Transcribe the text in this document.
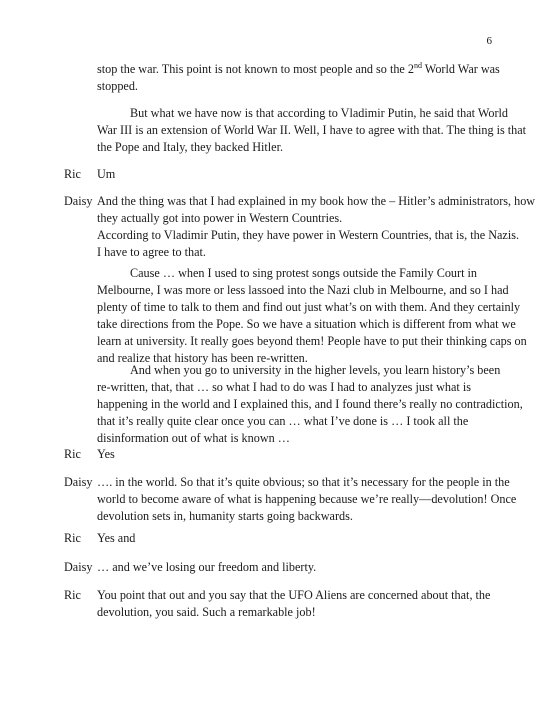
6

stop the war. This point is not known to most people and so the 2nd World War was
stopped.

But what we have now is that according to Vladimir Putin, he said that World
War III is an extension of World War II. Well, I have to agree with that. The thing is that
the Pope and Italy, they backed Hitler.

Ric Um

Daisy And the thing was that I had explained in my book how the – Hitler’s administrators, how
they actually got into power in Western Countries.
According to Vladimir Putin, they have power in Western Countries, that is, the Nazis.
I have to agree to that.

Cause … when I used to sing protest songs outside the Family Court in
Melbourne, I was more or less lassoed into the Nazi club in Melbourne, and so I had
plenty of time to talk to them and find out just what’s on with them. And they certainly
take directions from the Pope. So we have a situation which is different from what we
learn at university. It really goes beyond them! People have to put their thinking caps on
and realize that history has been re-written.

And when you go to university in the higher levels, you learn history’s been
re-written, that, that … so what I had to do was I had to analyzes just what is
happening in the world and I explained this, and I found there’s really no contradiction,
that it’s really quite clear once you can … what I’ve done is … I took all the
disinformation out of what is known …

Ric Yes

Daisy …. in the world. So that it’s quite obvious; so that it’s necessary for the people in the
world to become aware of what is happening because we’re really—devolution! Once
devolution sets in, humanity starts going backwards.

Ric Yes and

Daisy … and we’ve losing our freedom and liberty.

Ric You point that out and you say that the UFO Aliens are concerned about that, the
devolution, you said. Such a remarkable job!
